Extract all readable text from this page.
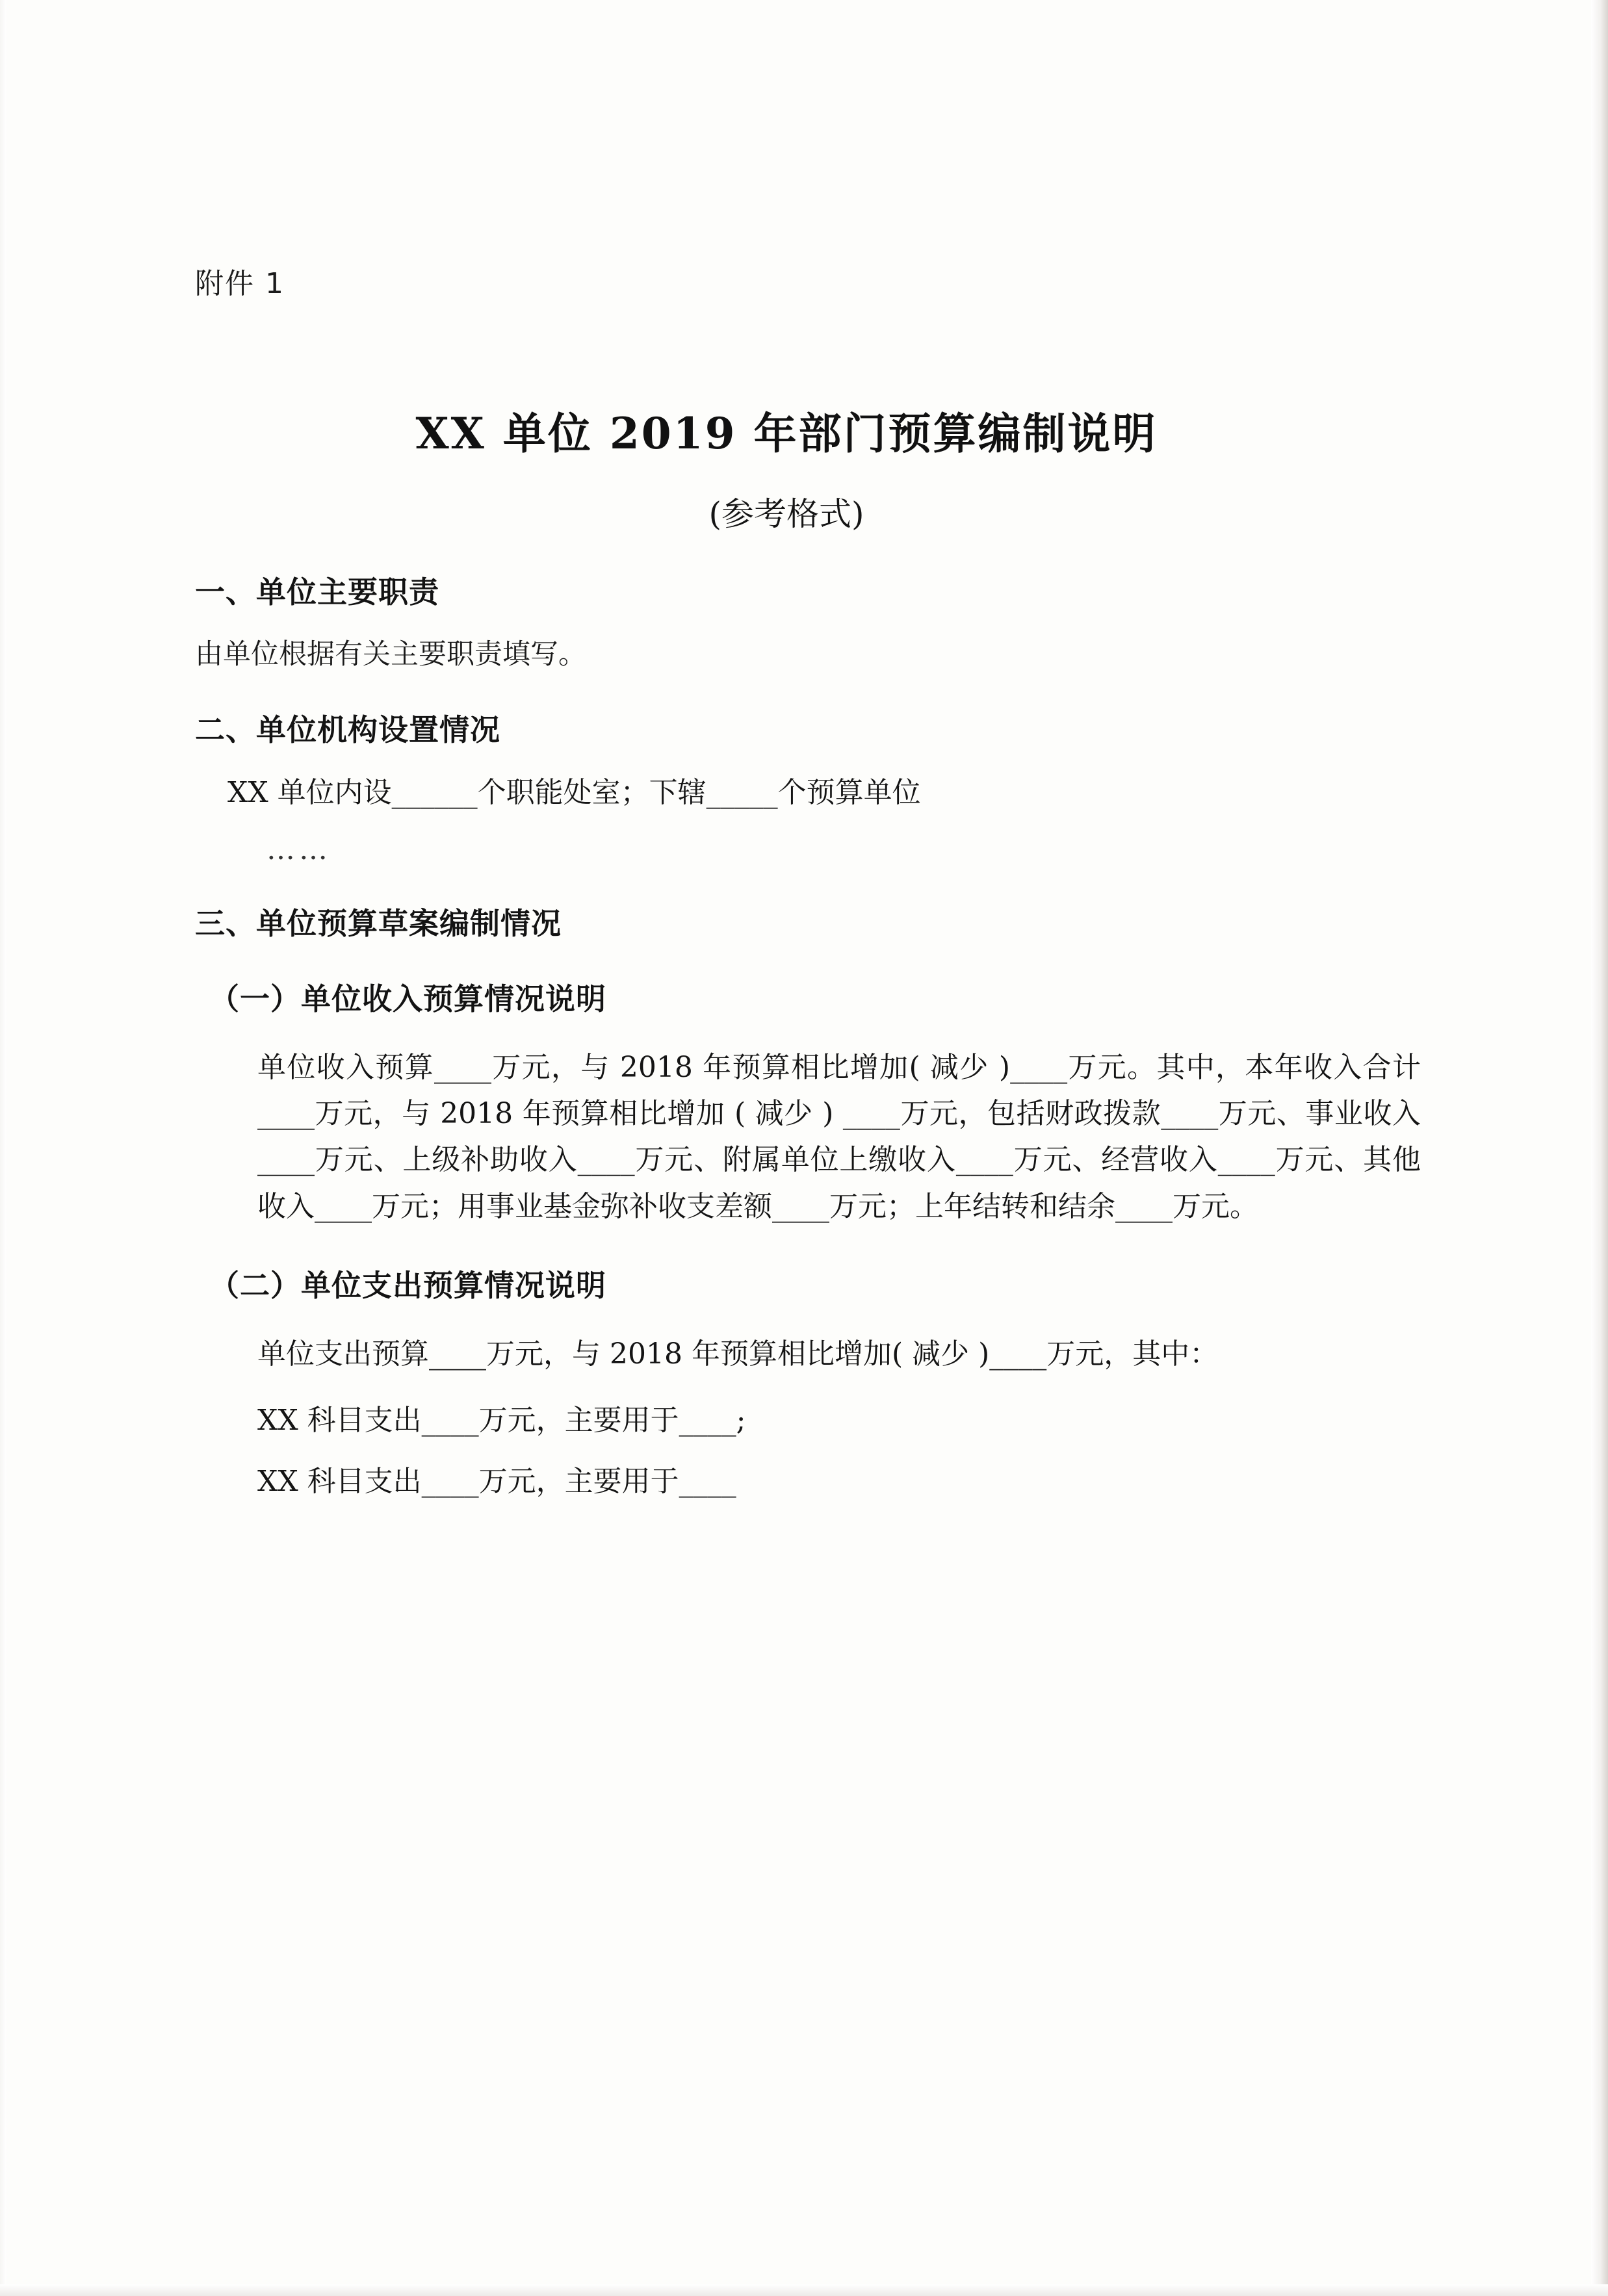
附件 1
XX 单位 2019 年部门预算编制说明
(参考格式)
一、单位主要职责
由单位根据有关主要职责填写。
二、单位机构设置情况
XX 单位内设______个职能处室；下辖_____个预算单位
……
三、单位预算草案编制情况
（一）单位收入预算情况说明
单位收入预算____万元，与 2018 年预算相比增加( 减少 )____万元。其中，本年收入合计____万元，与 2018 年预算相比增加 ( 减少 ) ____万元，包括财政拨款____万元、事业收入____万元、上级补助收入____万元、附属单位上缴收入____万元、经营收入____万元、其他收入____万元；用事业基金弥补收支差额____万元；上年结转和结余____万元。
（二）单位支出预算情况说明
单位支出预算____万元，与 2018 年预算相比增加( 减少 )____万元，其中：
XX 科目支出____万元，主要用于____;
XX 科目支出____万元，主要用于____
